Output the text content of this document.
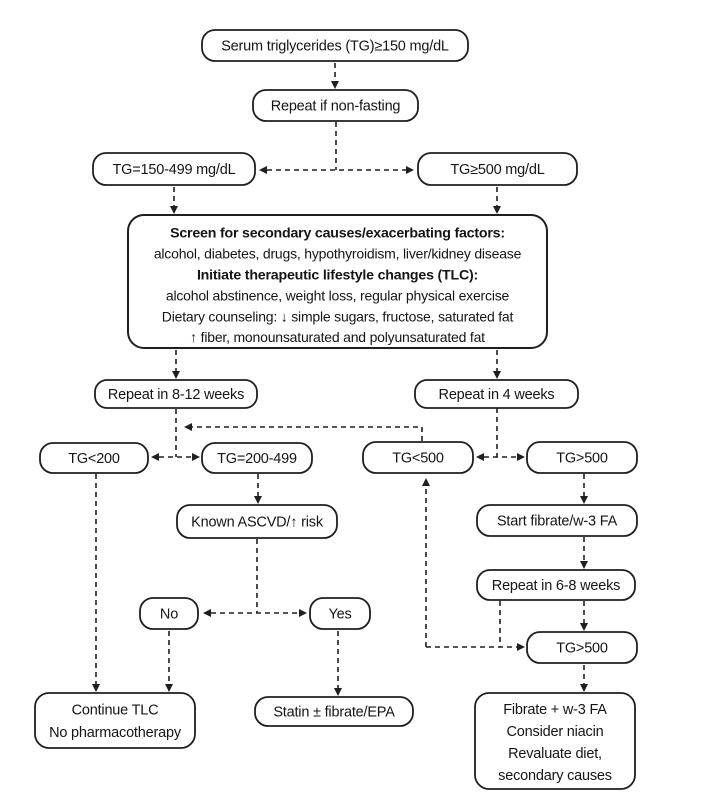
Serum triglycerides (TG)≥150 mg/dL
Repeat if non-fasting
TG=150-499 mg/dL	TG≥500 mg/dL
Screen for secondary causes/exacerbating factors:
alcohol, diabetes, drugs, hypothyroidism, liver/kidney disease
Initiate therapeutic lifestyle changes (TLC):
alcohol abstinence, weight loss, regular physical exercise
Dietary counseling: ↓ simple sugars, fructose, saturated fat
↑ fiber, monounsaturated and polyunsaturated fat
Repeat in 8-12 weeks	Repeat in 4 weeks
TG<200	TG=200-499	TG<500	TG>500
Known ASCVD/↑ risk	Start fibrate/w-3 FA
Repeat in 6-8 weeks
No	Yes
TG>500
Continue TLC
No pharmacotherapy
Statin ± fibrate/EPA	Fibrate + w-3 FA
Consider niacin
Revaluate diet,
secondary causes
